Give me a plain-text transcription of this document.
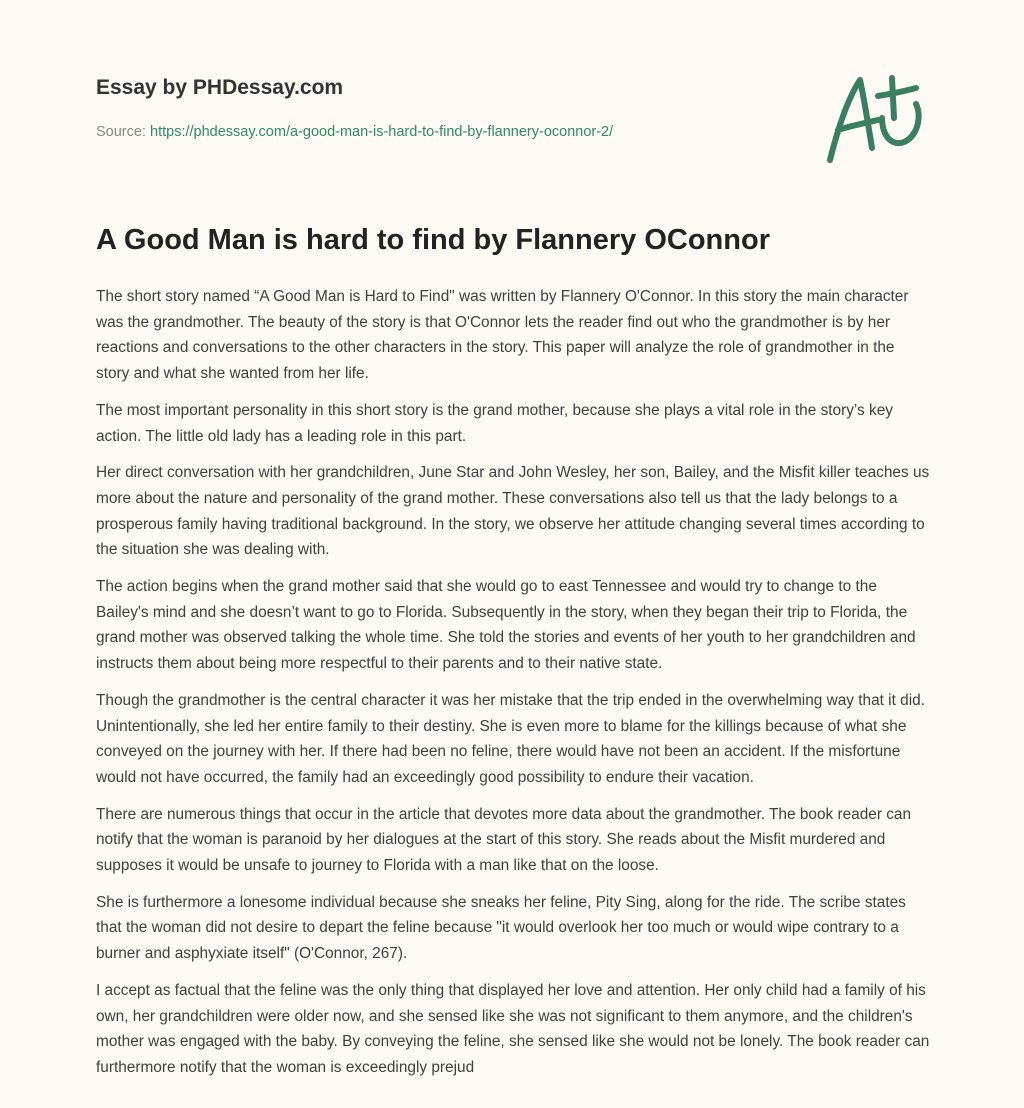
Essay by PHDessay.com
Source: https://phdessay.com/a-good-man-is-hard-to-find-by-flannery-oconnor-2/
A Good Man is hard to find by Flannery OConnor

The short story named “A Good Man is Hard to Find" was written by Flannery O'Connor. In this story the main character was the grandmother. The beauty of the story is that O'Connor lets the reader find out who the grandmother is by her reactions and conversations to the other characters in the story. This paper will analyze the role of grandmother in the story and what she wanted from her life.

The most important personality in this short story is the grand mother, because she plays a vital role in the story’s key action. The little old lady has a leading role in this part.

Her direct conversation with her grandchildren, June Star and John Wesley, her son, Bailey, and the Misfit killer teaches us more about the nature and personality of the grand mother. These conversations also tell us that the lady belongs to a prosperous family having traditional background. In the story, we observe her attitude changing several times according to the situation she was dealing with.

The action begins when the grand mother said that she would go to east Tennessee and would try to change to the Bailey's mind and she doesn’t want to go to Florida. Subsequently in the story, when they began their trip to Florida, the grand mother was observed talking the whole time. She told the stories and events of her youth to her grandchildren and instructs them about being more respectful to their parents and to their native state.

Though the grandmother is the central character it was her mistake that the trip ended in the overwhelming way that it did. Unintentionally, she led her entire family to their destiny. She is even more to blame for the killings because of what she conveyed on the journey with her. If there had been no feline, there would have not been an accident. If the misfortune would not have occurred, the family had an exceedingly good possibility to endure their vacation.

There are numerous things that occur in the article that devotes more data about the grandmother. The book reader can notify that the woman is paranoid by her dialogues at the start of this story. She reads about the Misfit murdered and supposes it would be unsafe to journey to Florida with a man like that on the loose.

She is furthermore a lonesome individual because she sneaks her feline, Pity Sing, along for the ride. The scribe states that the woman did not desire to depart the feline because "it would overlook her too much or would wipe contrary to a burner and asphyxiate itself" (O'Connor, 267).

I accept as factual that the feline was the only thing that displayed her love and attention. Her only child had a family of his own, her grandchildren were older now, and she sensed like she was not significant to them anymore, and the children's mother was engaged with the baby. By conveying the feline, she sensed like she would not be lonely. The book reader can furthermore notify that the woman is exceedingly prejud
